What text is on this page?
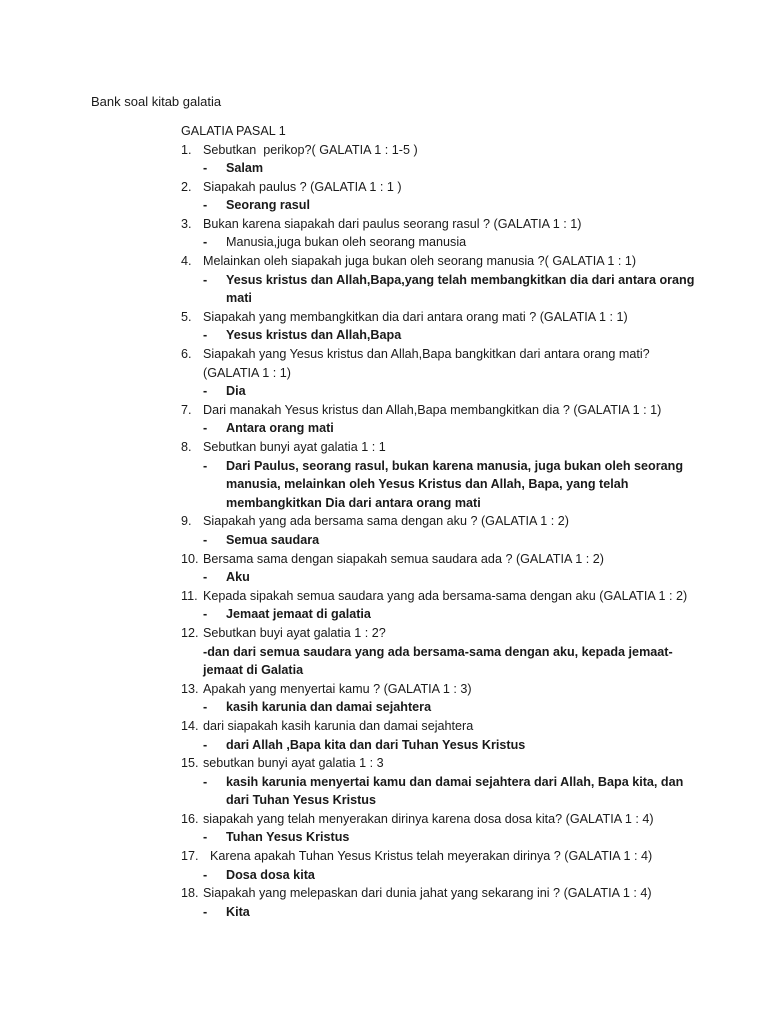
Bank soal kitab galatia
GALATIA PASAL 1
1. Sebutkan  perikop?( GALATIA 1 : 1-5 )
- Salam
2. Siapakah paulus ? (GALATIA 1 : 1 )
- Seorang rasul
3. Bukan karena siapakah dari paulus seorang rasul ? (GALATIA 1 : 1)
- Manusia,juga bukan oleh seorang manusia
4. Melainkan oleh siapakah juga bukan oleh seorang manusia ?( GALATIA 1 : 1)
- Yesus kristus dan Allah,Bapa,yang telah membangkitkan dia dari antara orang mati
5. Siapakah yang membangkitkan dia dari antara orang mati ? (GALATIA 1 : 1)
- Yesus kristus dan Allah,Bapa
6. Siapakah yang Yesus kristus dan Allah,Bapa bangkitkan dari antara orang mati? (GALATIA 1 : 1)
- Dia
7. Dari manakah Yesus kristus dan Allah,Bapa membangkitkan dia ? (GALATIA 1 : 1)
- Antara orang mati
8. Sebutkan bunyi ayat galatia 1 : 1
- Dari Paulus, seorang rasul, bukan karena manusia, juga bukan oleh seorang manusia, melainkan oleh Yesus Kristus dan Allah, Bapa, yang telah membangkitkan Dia dari antara orang mati
9. Siapakah yang ada bersama sama dengan aku ? (GALATIA 1 : 2)
- Semua saudara
10. Bersama sama dengan siapakah semua saudara ada ? (GALATIA 1 : 2)
- Aku
11. Kepada sipakah semua saudara yang ada bersama-sama dengan aku (GALATIA 1 : 2)
- Jemaat jemaat di galatia
12. Sebutkan buyi ayat galatia 1 : 2?
-dan dari semua saudara yang ada bersama-sama dengan aku, kepada jemaat-jemaat di Galatia
13. Apakah yang menyertai kamu ? (GALATIA 1 : 3)
- kasih karunia dan damai sejahtera
14. dari siapakah kasih karunia dan damai sejahtera
- dari Allah ,Bapa kita dan dari Tuhan Yesus Kristus
15. sebutkan bunyi ayat galatia 1 : 3
- kasih karunia menyertai kamu dan damai sejahtera dari Allah, Bapa kita, dan dari Tuhan Yesus Kristus
16. siapakah yang telah menyerakan dirinya karena dosa dosa kita? (GALATIA 1 : 4)
- Tuhan Yesus Kristus
17. Karena apakah Tuhan Yesus Kristus telah meyerakan dirinya ? (GALATIA 1 : 4)
- Dosa dosa kita
18. Siapakah yang melepaskan dari dunia jahat yang sekarang ini ? (GALATIA 1 : 4)
- Kita
